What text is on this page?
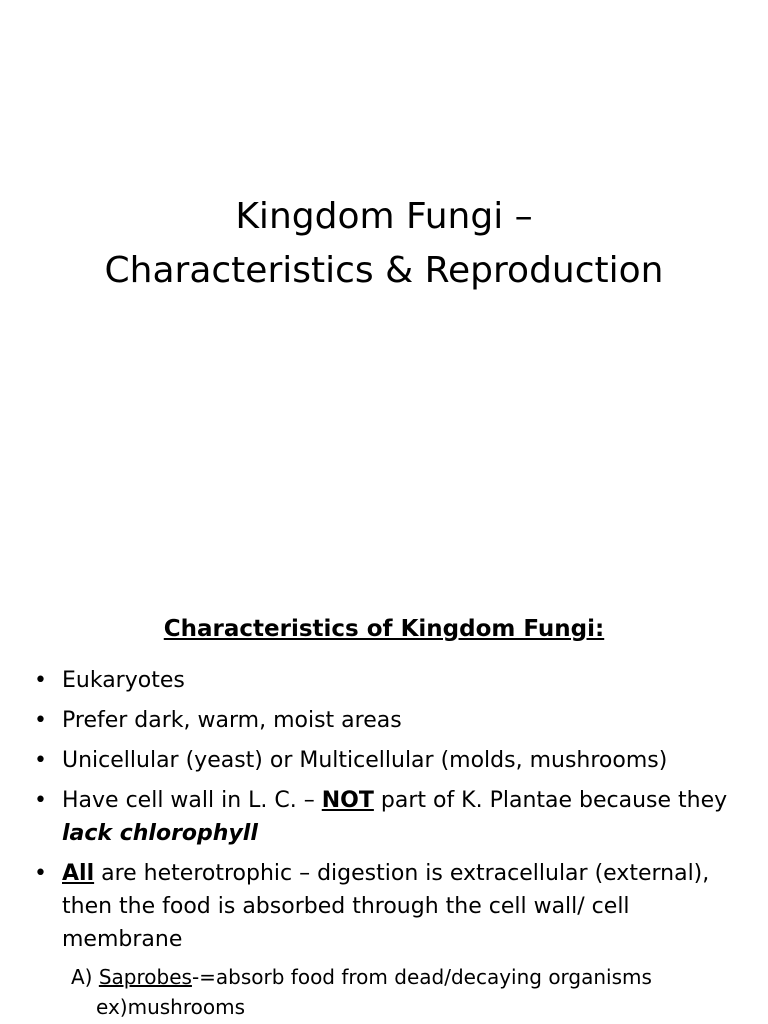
Kingdom Fungi –
Characteristics & Reproduction
Characteristics of Kingdom Fungi:
• Eukaryotes
• Prefer dark, warm, moist areas
• Unicellular (yeast) or Multicellular (molds, mushrooms)
• Have cell wall in L. C. – NOT part of K. Plantae because they lack chlorophyll
• All are heterotrophic – digestion is extracellular (external), then the food is absorbed through the cell wall/ cell membrane
A) Saprobes-=absorb food from dead/decaying organisms
ex)mushrooms
